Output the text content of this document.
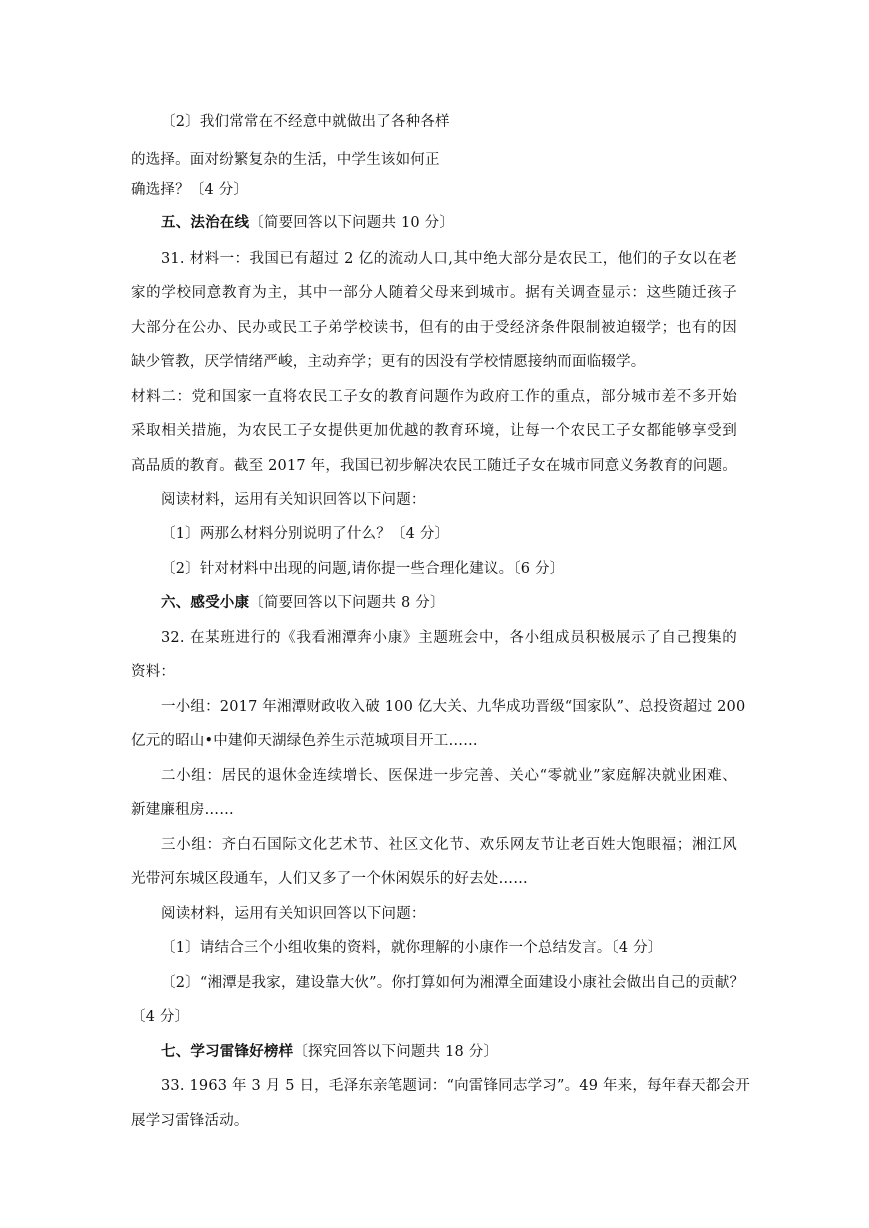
〔2〕我们常常在不经意中就做出了各种各样
的选择。面对纷繁复杂的生活，中学生该如何正
确选择？〔4 分〕
五、法治在线〔简要回答以下问题共 10 分〕
31. 材料一：我国已有超过 2 亿的流动人口,其中绝大部分是农民工，他们的子女以在老
家的学校同意教育为主，其中一部分人随着父母来到城市。据有关调查显示：这些随迁孩子
大部分在公办、民办或民工子弟学校读书，但有的由于受经济条件限制被迫辍学；也有的因
缺少管教，厌学情绪严峻，主动弃学；更有的因没有学校情愿接纳而面临辍学。
材料二：党和国家一直将农民工子女的教育问题作为政府工作的重点，部分城市差不多开始
采取相关措施，为农民工子女提供更加优越的教育环境，让每一个农民工子女都能够享受到
高品质的教育。截至 2017 年，我国已初步解决农民工随迁子女在城市同意义务教育的问题。
阅读材料，运用有关知识回答以下问题：
〔1〕两那么材料分别说明了什么？〔4 分〕
〔2〕针对材料中出现的问题,请你提一些合理化建议。〔6 分〕
六、感受小康〔简要回答以下问题共 8 分〕
32. 在某班进行的《我看湘潭奔小康》主题班会中，各小组成员积极展示了自己搜集的
资料：
一小组：2017 年湘潭财政收入破 100 亿大关、九华成功晋级“国家队”、总投资超过 200
亿元的昭山•中建仰天湖绿色养生示范城项目开工……
二小组：居民的退休金连续增长、医保进一步完善、关心“零就业”家庭解决就业困难、
新建廉租房……
三小组：齐白石国际文化艺术节、社区文化节、欢乐网友节让老百姓大饱眼福；湘江风
光带河东城区段通车，人们又多了一个休闲娱乐的好去处……
阅读材料，运用有关知识回答以下问题：
〔1〕请结合三个小组收集的资料，就你理解的小康作一个总结发言。〔4 分〕
〔2〕“湘潭是我家，建设靠大伙”。你打算如何为湘潭全面建设小康社会做出自己的贡献？
〔4 分〕
七、学习雷锋好榜样〔探究回答以下问题共 18 分〕
33. 1963 年 3 月 5 日，毛泽东亲笔题词：“向雷锋同志学习”。49 年来，每年春天都会开
展学习雷锋活动。
